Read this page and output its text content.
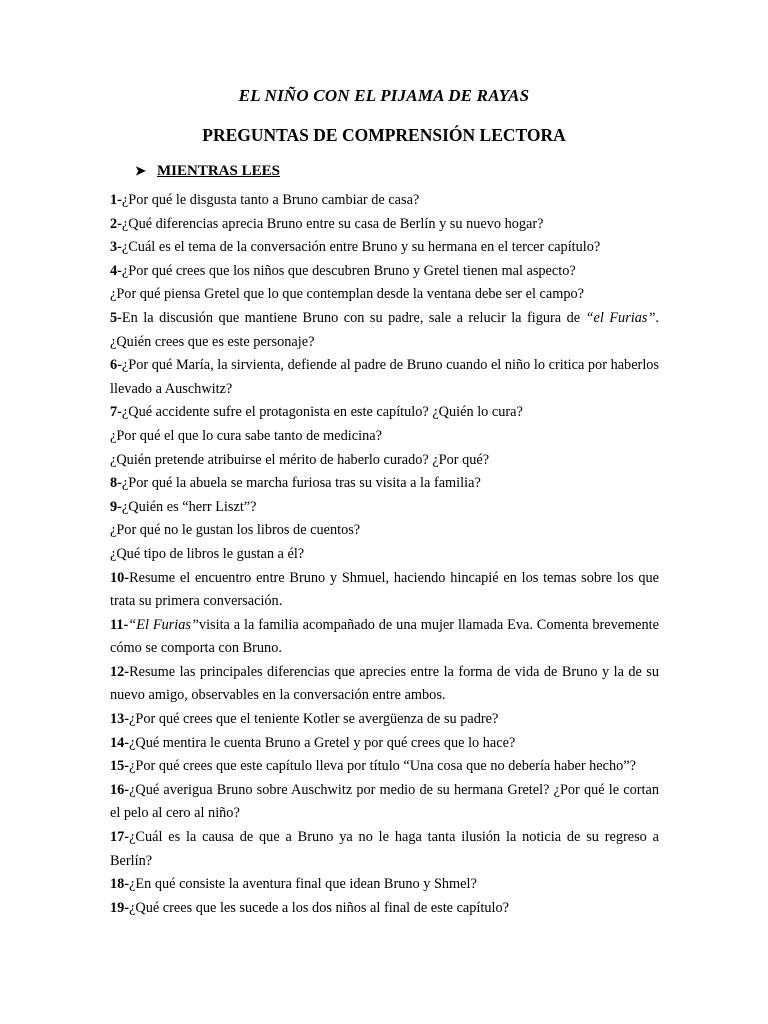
EL NIÑO CON EL PIJAMA DE RAYAS
PREGUNTAS DE COMPRENSIÓN LECTORA
➤ MIENTRAS LEES

1-¿Por qué le disgusta tanto a Bruno cambiar de casa?

2-¿Qué diferencias aprecia Bruno entre su casa de Berlín y su nuevo hogar?

3-¿Cuál es el tema de la conversación entre Bruno y su hermana en el tercer capítulo?

4-¿Por qué crees que los niños que descubren Bruno y Gretel tienen mal aspecto?

¿Por qué piensa Gretel que lo que contemplan desde la ventana debe ser el campo?

5-En la discusión que mantiene Bruno con su padre, sale a relucir la figura de “el Furias”.¿Quién crees que es este personaje?

6-¿Por qué María, la sirvienta, defiende al padre de Bruno cuando el niño lo critica por haberlos llevado a Auschwitz?

7-¿Qué accidente sufre el protagonista en este capítulo? ¿Quién lo cura?

¿Por qué el que lo cura sabe tanto de medicina?

¿Quién pretende atribuirse el mérito de haberlo curado? ¿Por qué?

8-¿Por qué la abuela se marcha furiosa tras su visita a la familia?

9-¿Quién es “herr Liszt”?

¿Por qué no le gustan los libros de cuentos?

¿Qué tipo de libros le gustan a él?

10-Resume el encuentro entre Bruno y Shmuel, haciendo hincapié en los temas sobre los que trata su primera conversación.

11-“El Furias”visita a la familia acompañado de una mujer llamada Eva. Comenta brevemente cómo se comporta con Bruno.

12-Resume las principales diferencias que aprecies entre la forma de vida de Bruno y la de su nuevo amigo, observables en la conversación entre ambos.

13-¿Por qué crees que el teniente Kotler se avergüenza de su padre?

14-¿Qué mentira le cuenta Bruno a Gretel y por qué crees que lo hace?

15-¿Por qué crees que este capítulo lleva por título “Una cosa que no debería haber hecho”?

16-¿Qué averigua Bruno sobre Auschwitz por medio de su hermana Gretel? ¿Por qué le cortan el pelo al cero al niño?

17-¿Cuál es la causa de que a Bruno ya no le haga tanta ilusión la noticia de su regreso a Berlín?

18-¿En qué consiste la aventura final que idean Bruno y Shmel?

19-¿Qué crees que les sucede a los dos niños al final de este capítulo?
